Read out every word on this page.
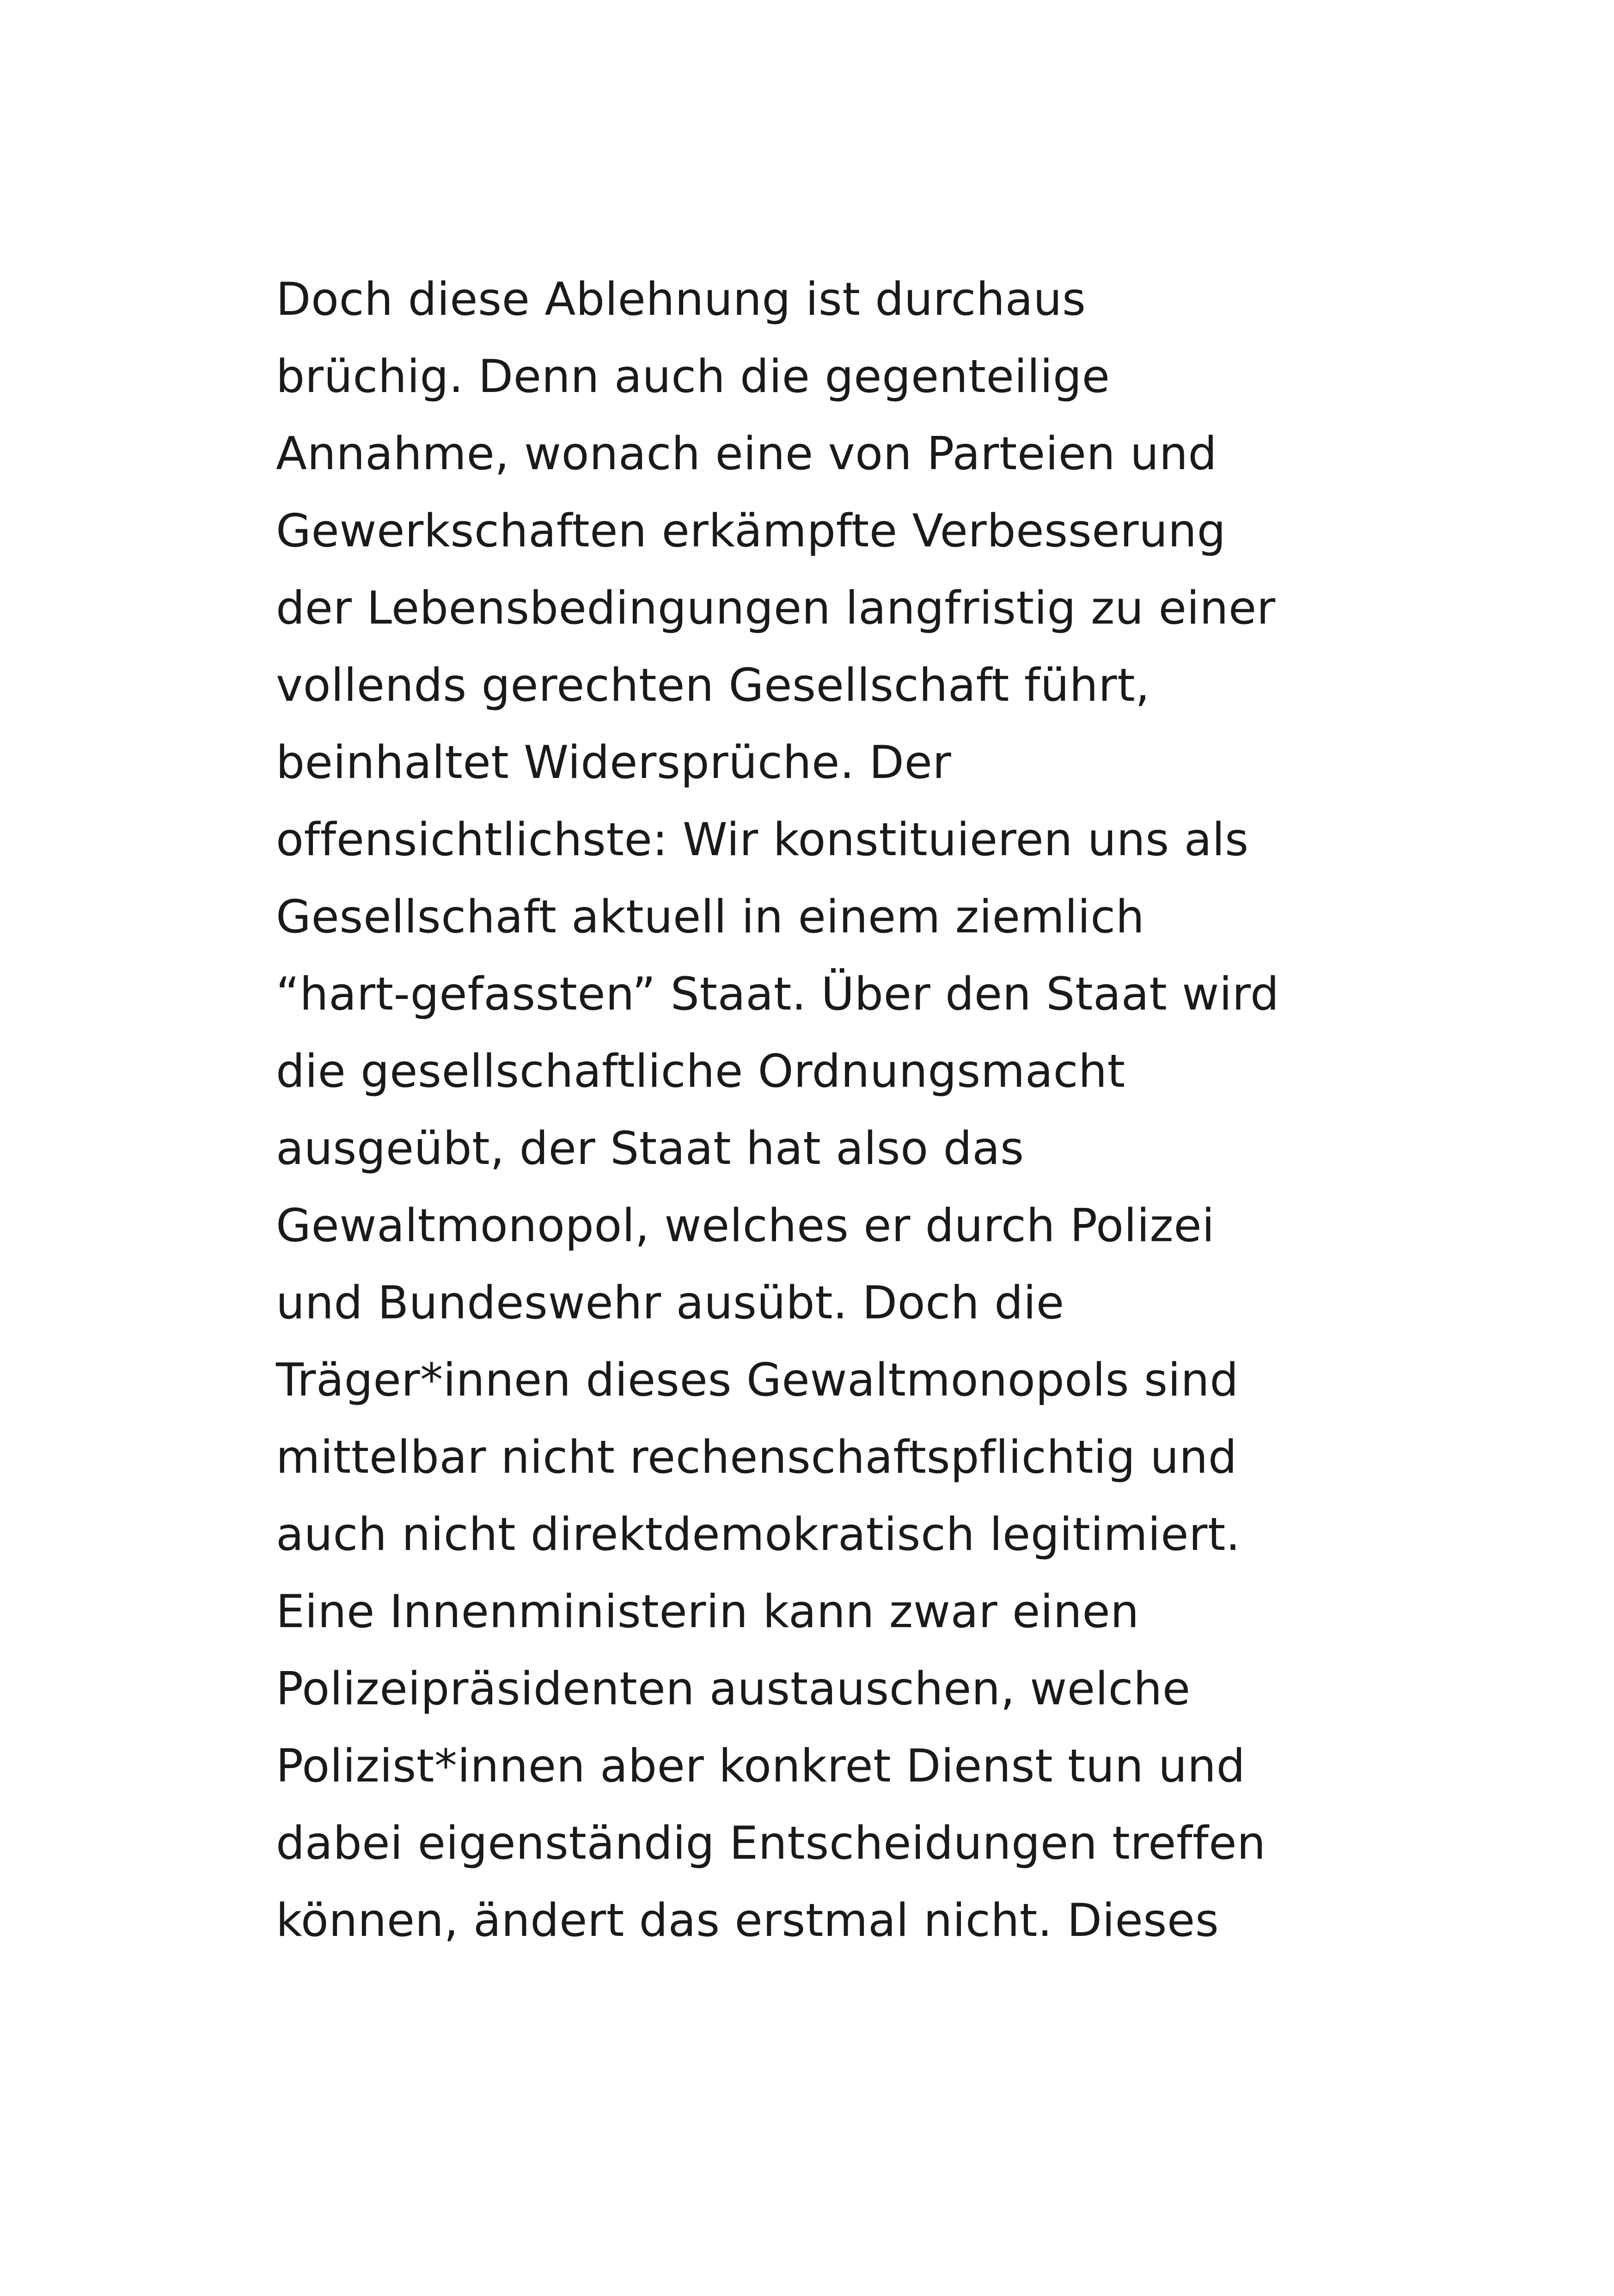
Doch diese Ablehnung ist durchaus
brüchig. Denn auch die gegenteilige
Annahme, wonach eine von Parteien und
Gewerkschaften erkämpfte Verbesserung
der Lebensbedingungen langfristig zu einer
vollends gerechten Gesellschaft führt,
beinhaltet Widersprüche. Der
offensichtlichste: Wir konstituieren uns als
Gesellschaft aktuell in einem ziemlich
“hart-gefassten” Staat. Über den Staat wird
die gesellschaftliche Ordnungsmacht
ausgeübt, der Staat hat also das
Gewaltmonopol, welches er durch Polizei
und Bundeswehr ausübt. Doch die
Träger*innen dieses Gewaltmonopols sind
mittelbar nicht rechenschaftspflichtig und
auch nicht direktdemokratisch legitimiert.
Eine Innenministerin kann zwar einen
Polizeipräsidenten austauschen, welche
Polizist*innen aber konkret Dienst tun und
dabei eigenständig Entscheidungen treffen
können, ändert das erstmal nicht. Dieses
